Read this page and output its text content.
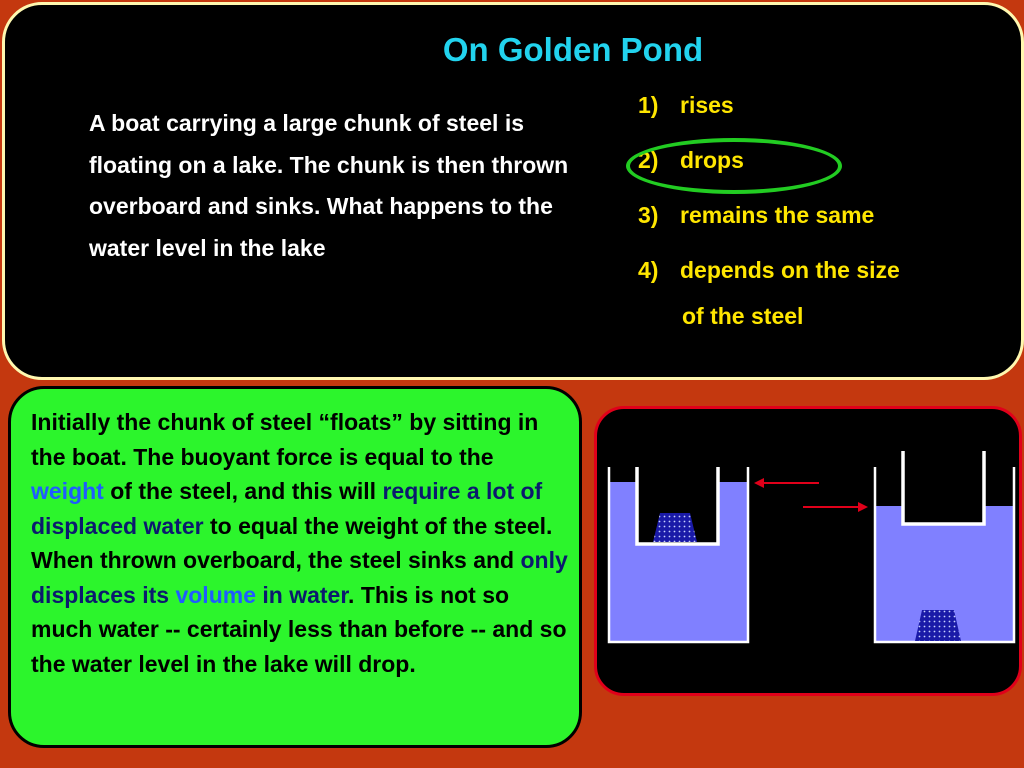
On Golden Pond
A boat carrying a large chunk of steel is floating on a lake. The chunk is then thrown overboard and sinks. What happens to the water level in the lake
1) rises
2) drops
3) remains the same
4) depends on the size
of the steel
Initially the chunk of steel “floats” by sitting in the boat. The buoyant force is equal to the weight of the steel, and this will require a lot of displaced water to equal the weight of the steel. When thrown overboard, the steel sinks and only displaces its volume in water. This is not so much water -- certainly less than before -- and so the water level in the lake will drop.
